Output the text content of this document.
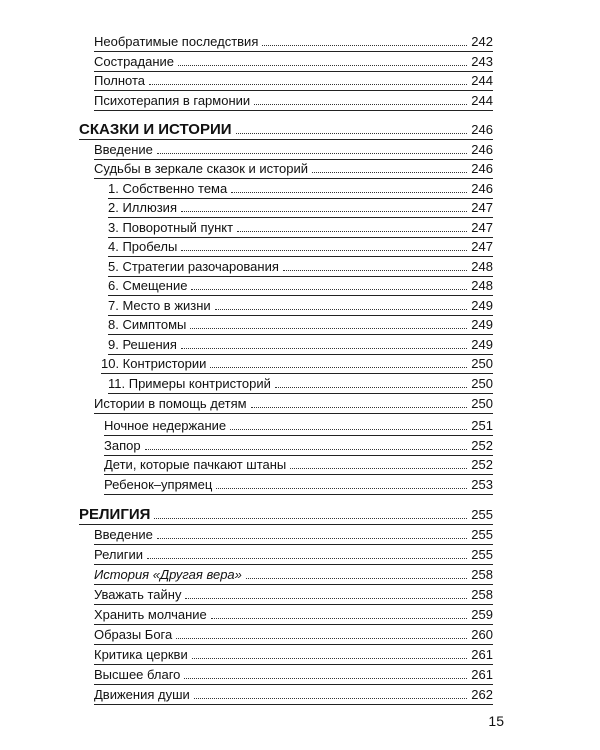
Необратимые последствия	242
Сострадание	243
Полнота	244
Психотерапия в гармонии	244
СКАЗКИ И ИСТОРИИ	246
Введение	246
Судьбы в зеркале сказок и историй	246
1. Собственно тема	246
2. Иллюзия	247
3. Поворотный пункт	247
4. Пробелы	247
5. Стратегии разочарования	248
6. Смещение	248
7. Место в жизни	249
8. Симптомы	249
9. Решения	249
10. Контристории	250
11. Примеры контристорий	250
Истории в помощь детям	250
Ночное недержание	251
Запор	252
Дети, которые пачкают штаны	252
Ребенок–упрямец	253
РЕЛИГИЯ	255
Введение	255
Религии	255
История «Другая вера»	258
Уважать тайну	258
Хранить молчание	259
Образы Бога	260
Критика церкви	261
Высшее благо	261
Движения души	262
15
